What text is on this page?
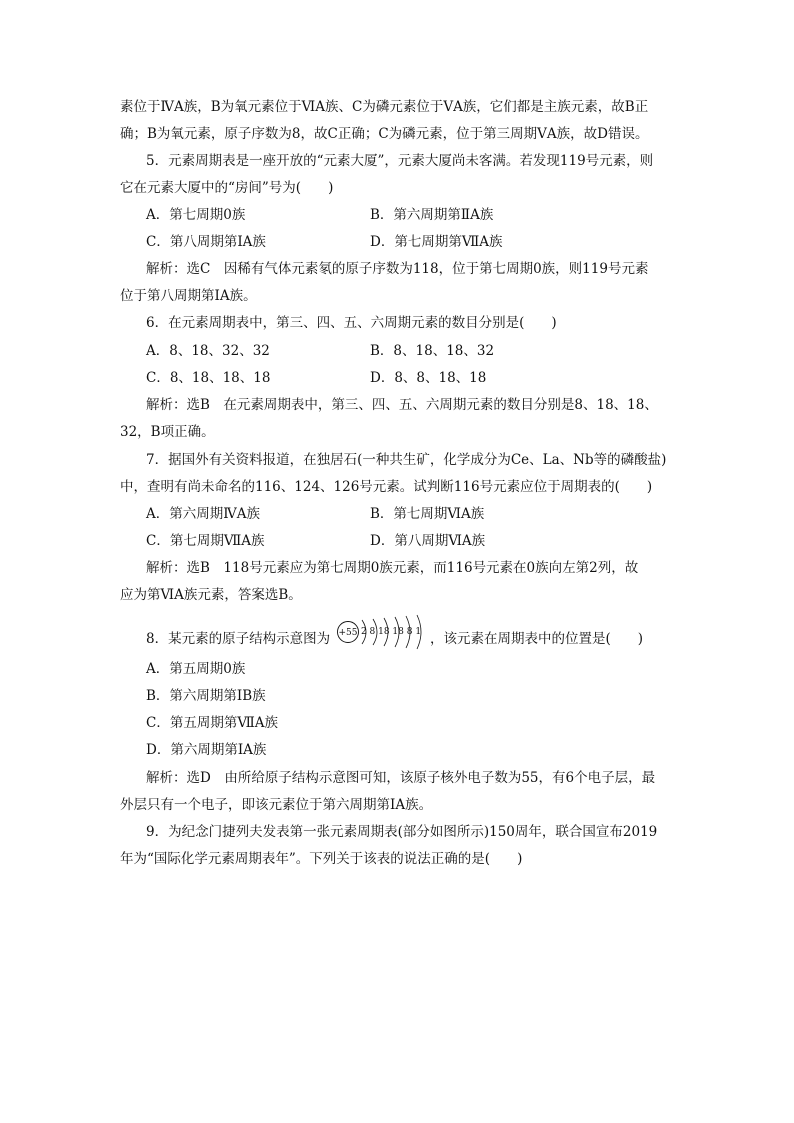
素位于ⅣA族，B为氧元素位于ⅥA族、C为磷元素位于ⅤA族，它们都是主族元素，故B正
确；B为氧元素，原子序数为8，故C正确；C为磷元素，位于第三周期ⅤA族，故D错误。
5．元素周期表是一座开放的“元素大厦”，元素大厦尚未客满。若发现119号元素，则
它在元素大厦中的“房间”号为(　　)
A．第七周期0族	B．第六周期第ⅡA族
C．第八周期第ⅠA族	D．第七周期第ⅦA族
解析：选C　因稀有气体元素氡的原子序数为118，位于第七周期0族，则119号元素
位于第八周期第ⅠA族。
6．在元素周期表中，第三、四、五、六周期元素的数目分别是(　　)
A．8、18、32、32	B．8、18、18、32
C．8、18、18、18	D．8、8、18、18
解析：选B　在元素周期表中，第三、四、五、六周期元素的数目分别是8、18、18、
32，B项正确。
7．据国外有关资料报道，在独居石(一种共生矿，化学成分为Ce、La、Nb等的磷酸盐)
中，查明有尚未命名的116、124、126号元素。试判断116号元素应位于周期表的(　　)
A．第六周期ⅣA族	B．第七周期ⅥA族
C．第七周期ⅦA族	D．第八周期ⅥA族
解析：选B　118号元素应为第七周期0族元素，而116号元素在0族向左第2列，故
应为第ⅥA族元素，答案选B。
8．某元素的原子结构示意图为 +55 2 8 18 18 8 1 ，该元素在周期表中的位置是(　　)
A．第五周期0族
B．第六周期第ⅠB族
C．第五周期第ⅦA族
D．第六周期第ⅠA族
解析：选D　由所给原子结构示意图可知，该原子核外电子数为55，有6个电子层，最
外层只有一个电子，即该元素位于第六周期第ⅠA族。
9．为纪念门捷列夫发表第一张元素周期表(部分如图所示)150周年，联合国宣布2019
年为“国际化学元素周期表年”。下列关于该表的说法正确的是(　　)
